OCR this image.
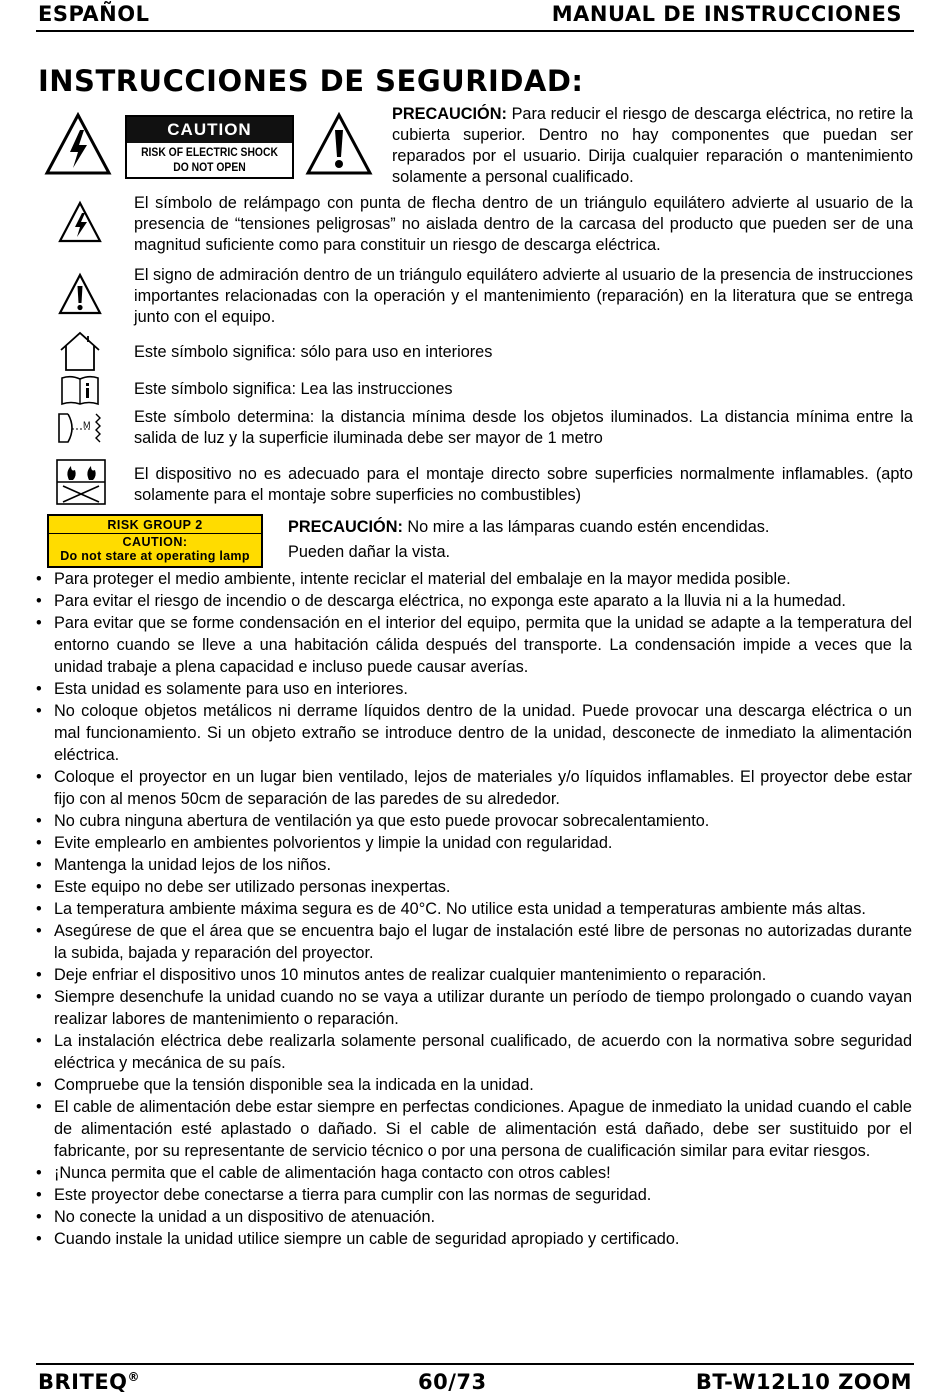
ESPAÑOL	MANUAL DE INSTRUCCIONES
INSTRUCCIONES DE SEGURIDAD:
CAUTION
RISK OF ELECTRIC SHOCK
DO NOT OPEN
PRECAUCIÓN: Para reducir el riesgo de descarga eléctrica, no retire la cubierta superior. Dentro no hay componentes que puedan ser reparados por el usuario. Dirija cualquier reparación o mantenimiento solamente a personal cualificado.
El símbolo de relámpago con punta de flecha dentro de un triángulo equilátero advierte al usuario de la presencia de “tensiones peligrosas” no aislada dentro de la carcasa del producto que pueden ser de una magnitud suficiente como para constituir un riesgo de descarga eléctrica.
El signo de admiración dentro de un triángulo equilátero advierte al usuario de la presencia de instrucciones importantes relacionadas con la operación y el mantenimiento (reparación) en la literatura que se entrega junto con el equipo.
Este símbolo significa: sólo para uso en interiores
Este símbolo significa: Lea las instrucciones
M	Este símbolo determina: la distancia mínima desde los objetos iluminados. La distancia mínima entre la salida de luz y la superficie iluminada debe ser mayor de 1 metro
El dispositivo no es adecuado para el montaje directo sobre superficies normalmente inflamables. (apto solamente para el montaje sobre superficies no combustibles)
RISK GROUP 2
CAUTION:
Do not stare at operating lamp
PRECAUCIÓN: No mire a las lámparas cuando estén encendidas.
Pueden dañar la vista.
• Para proteger el medio ambiente, intente reciclar el material del embalaje en la mayor medida posible.
• Para evitar el riesgo de incendio o de descarga eléctrica, no exponga este aparato a la lluvia ni a la humedad.
• Para evitar que se forme condensación en el interior del equipo, permita que la unidad se adapte a la temperatura del entorno cuando se lleve a una habitación cálida después del transporte. La condensación impide a veces que la unidad trabaje a plena capacidad e incluso puede causar averías.
• Esta unidad es solamente para uso en interiores.
• No coloque objetos metálicos ni derrame líquidos dentro de la unidad. Puede provocar una descarga eléctrica o un mal funcionamiento. Si un objeto extraño se introduce dentro de la unidad, desconecte de inmediato la alimentación eléctrica.
• Coloque el proyector en un lugar bien ventilado, lejos de materiales y/o líquidos inflamables. El proyector debe estar fijo con al menos 50cm de separación de las paredes de su alrededor.
• No cubra ninguna abertura de ventilación ya que esto puede provocar sobrecalentamiento.
• Evite emplearlo en ambientes polvorientos y limpie la unidad con regularidad.
• Mantenga la unidad lejos de los niños.
• Este equipo no debe ser utilizado personas inexpertas.
• La temperatura ambiente máxima segura es de 40°C. No utilice esta unidad a temperaturas ambiente más altas.
• Asegúrese de que el área que se encuentra bajo el lugar de instalación esté libre de personas no autorizadas durante la subida, bajada y reparación del proyector.
• Deje enfriar el dispositivo unos 10 minutos antes de realizar cualquier mantenimiento o reparación.
• Siempre desenchufe la unidad cuando no se vaya a utilizar durante un período de tiempo prolongado o cuando vayan realizar labores de mantenimiento o reparación.
• La instalación eléctrica debe realizarla solamente personal cualificado, de acuerdo con la normativa sobre seguridad eléctrica y mecánica de su país.
• Compruebe que la tensión disponible sea la indicada en la unidad.
• El cable de alimentación debe estar siempre en perfectas condiciones. Apague de inmediato la unidad cuando el cable de alimentación esté aplastado o dañado. Si el cable de alimentación está dañado, debe ser sustituido por el fabricante, por su representante de servicio técnico o por una persona de cualificación similar para evitar riesgos.
• ¡Nunca permita que el cable de alimentación haga contacto con otros cables!
• Este proyector debe conectarse a tierra para cumplir con las normas de seguridad.
• No conecte la unidad a un dispositivo de atenuación.
• Cuando instale la unidad utilice siempre un cable de seguridad apropiado y certificado.
BRITEQ®	60/73	BT-W12L10 ZOOM
